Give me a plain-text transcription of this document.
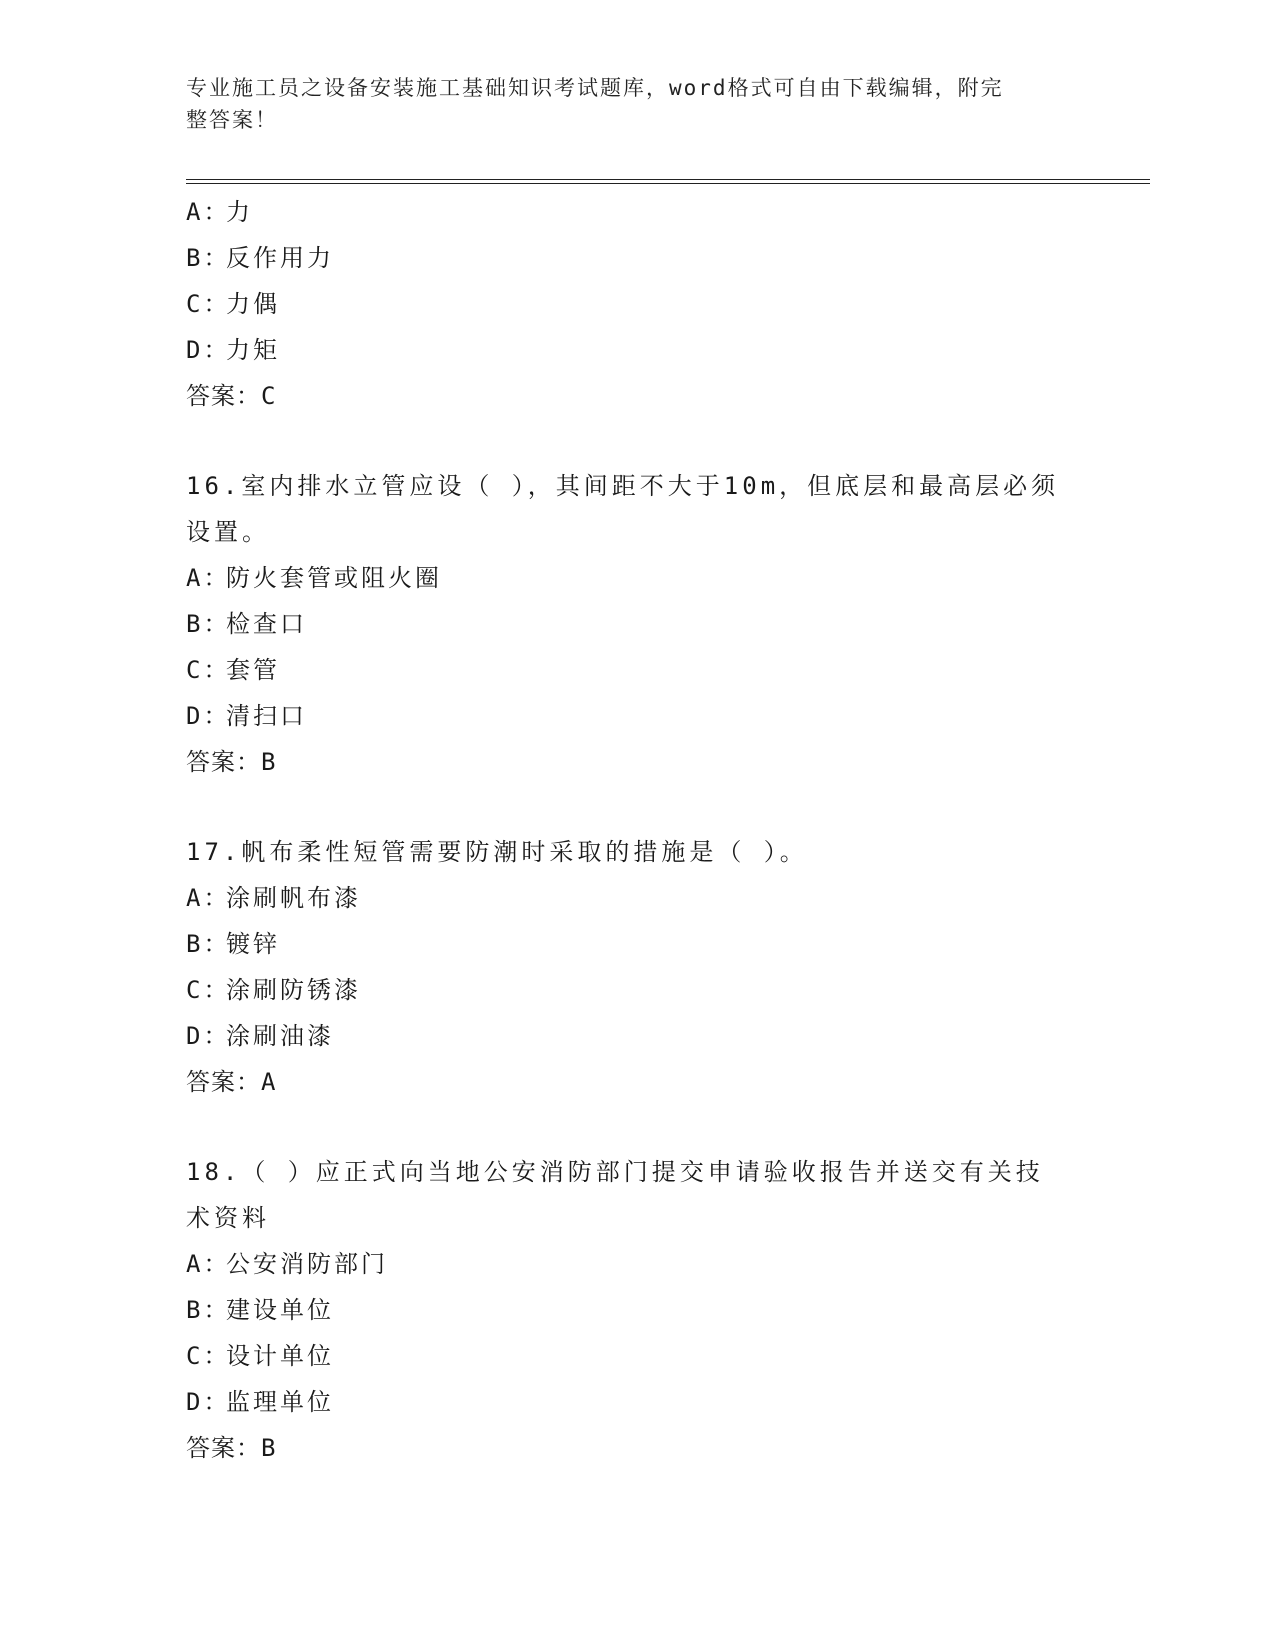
专业施工员之设备安装施工基础知识考试题库，word格式可自由下载编辑，附完
整答案！
A：力
B：反作用力
C：力偶
D：力矩
答案：C
16.室内排水立管应设（ ），其间距不大于10m，但底层和最高层必须
设置。
A：防火套管或阻火圈
B：检查口
C：套管
D：清扫口
答案：B
17.帆布柔性短管需要防潮时采取的措施是（ ）。
A：涂刷帆布漆
B：镀锌
C：涂刷防锈漆
D：涂刷油漆
答案：A
18.（ ）应正式向当地公安消防部门提交申请验收报告并送交有关技
术资料
A：公安消防部门
B：建设单位
C：设计单位
D：监理单位
答案：B
